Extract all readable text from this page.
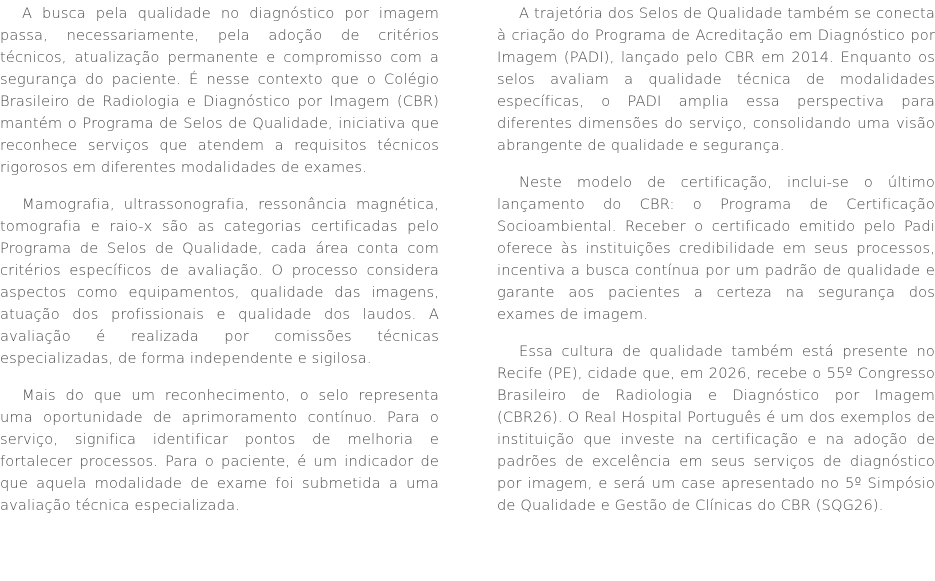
A busca pela qualidade no diagnóstico por imagem passa, necessariamente, pela adoção de critérios técnicos, atualização permanente e compromisso com a segurança do paciente. É nesse contexto que o Colégio Brasileiro de Radiologia e Diagnóstico por Imagem (CBR) mantém o Programa de Selos de Qualidade, iniciativa que reconhece serviços que atendem a requisitos técnicos rigorosos em diferentes modalidades de exames.

Mamografia, ultrassonografia, ressonância magnética, tomografia e raio-x são as categorias certificadas pelo Programa de Selos de Qualidade, cada área conta com critérios específicos de avaliação. O processo considera aspectos como equipamentos, qualidade das imagens, atuação dos profissionais e qualidade dos laudos. A avaliação é realizada por comissões técnicas especializadas, de forma independente e sigilosa.

Mais do que um reconhecimento, o selo representa uma oportunidade de aprimoramento contínuo. Para o serviço, significa identificar pontos de melhoria e fortalecer processos. Para o paciente, é um indicador de que aquela modalidade de exame foi submetida a uma avaliação técnica especializada.

A trajetória dos Selos de Qualidade também se conecta à criação do Programa de Acreditação em Diagnóstico por Imagem (PADI), lançado pelo CBR em 2014. Enquanto os selos avaliam a qualidade técnica de modalidades específicas, o PADI amplia essa perspectiva para diferentes dimensões do serviço, consolidando uma visão abrangente de qualidade e segurança.

Neste modelo de certificação, inclui-se o último lançamento do CBR: o Programa de Certificação Socioambiental. Receber o certificado emitido pelo Padi oferece às instituições credibilidade em seus processos, incentiva a busca contínua por um padrão de qualidade e garante aos pacientes a certeza na segurança dos exames de imagem.

Essa cultura de qualidade também está presente no Recife (PE), cidade que, em 2026, recebe o 55º Congresso Brasileiro de Radiologia e Diagnóstico por Imagem (CBR26). O Real Hospital Português é um dos exemplos de instituição que investe na certificação e na adoção de padrões de excelência em seus serviços de diagnóstico por imagem, e será um case apresentado no 5º Simpósio de Qualidade e Gestão de Clínicas do CBR (SQG26).
